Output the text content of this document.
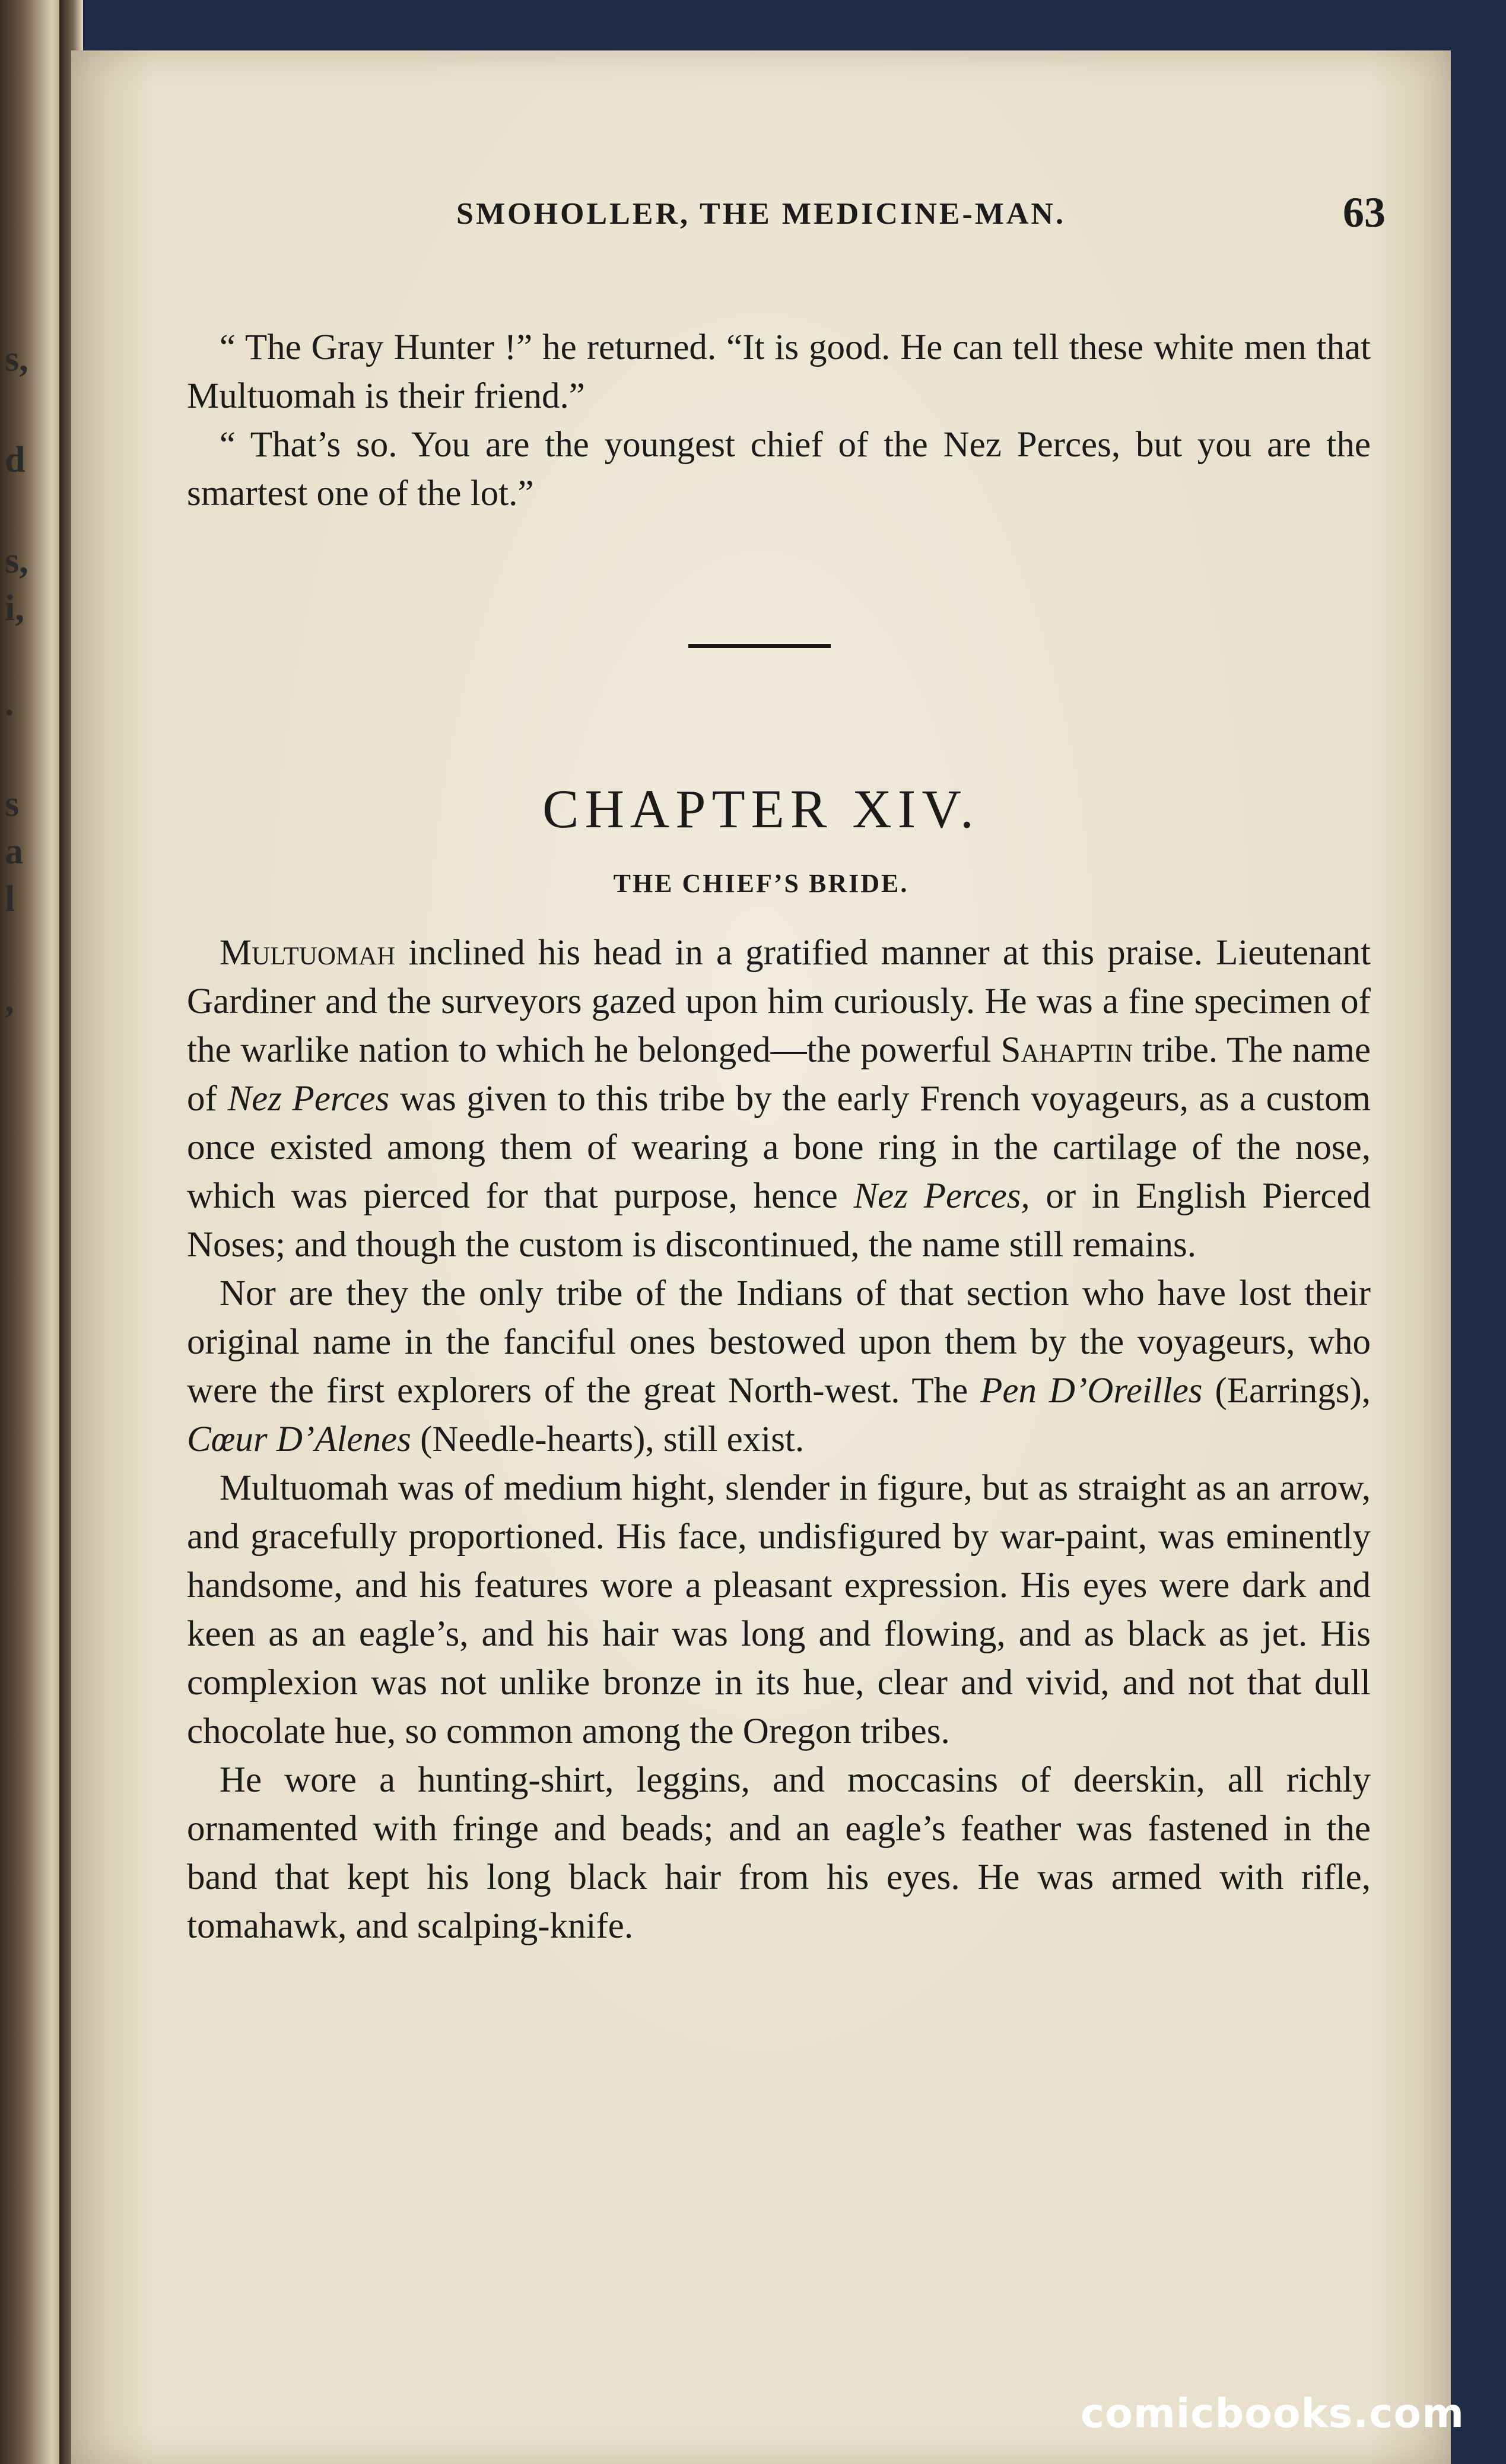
s,
d
s,
i,
.
s
a
l
,
SMOHOLLER, THE MEDICINE-MAN.	63

“ The Gray Hunter !” he returned. “It is good. He can tell these white men that Multuomah is their friend.”

“ That’s so. You are the youngest chief of the Nez Perces, but you are the smartest one of the lot.”

CHAPTER XIV.
THE CHIEF’S BRIDE.

Multuomah inclined his head in a gratified manner at this praise. Lieutenant Gardiner and the surveyors gazed upon him curiously. He was a fine specimen of the warlike nation to which he belonged—the powerful Sahaptin tribe. The name of Nez Perces was given to this tribe by the early French voyageurs, as a custom once existed among them of wearing a bone ring in the cartilage of the nose, which was pierced for that purpose, hence Nez Perces, or in English Pierced Noses; and though the custom is discontinued, the name still remains.

Nor are they the only tribe of the Indians of that section who have lost their original name in the fanciful ones bestowed upon them by the voyageurs, who were the first explorers of the great North-west. The Pen D’Oreilles (Earrings), Cœur D’Alenes (Needle-hearts), still exist.

Multuomah was of medium hight, slender in figure, but as straight as an arrow, and gracefully proportioned. His face, undisfigured by war-paint, was eminently handsome, and his features wore a pleasant expression. His eyes were dark and keen as an eagle’s, and his hair was long and flowing, and as black as jet. His complexion was not unlike bronze in its hue, clear and vivid, and not that dull chocolate hue, so common among the Oregon tribes.

He wore a hunting-shirt, leggins, and moccasins of deerskin, all richly ornamented with fringe and beads; and an eagle’s feather was fastened in the band that kept his long black hair from his eyes. He was armed with rifle, tomahawk, and scalping-knife.

comicbooks.com
